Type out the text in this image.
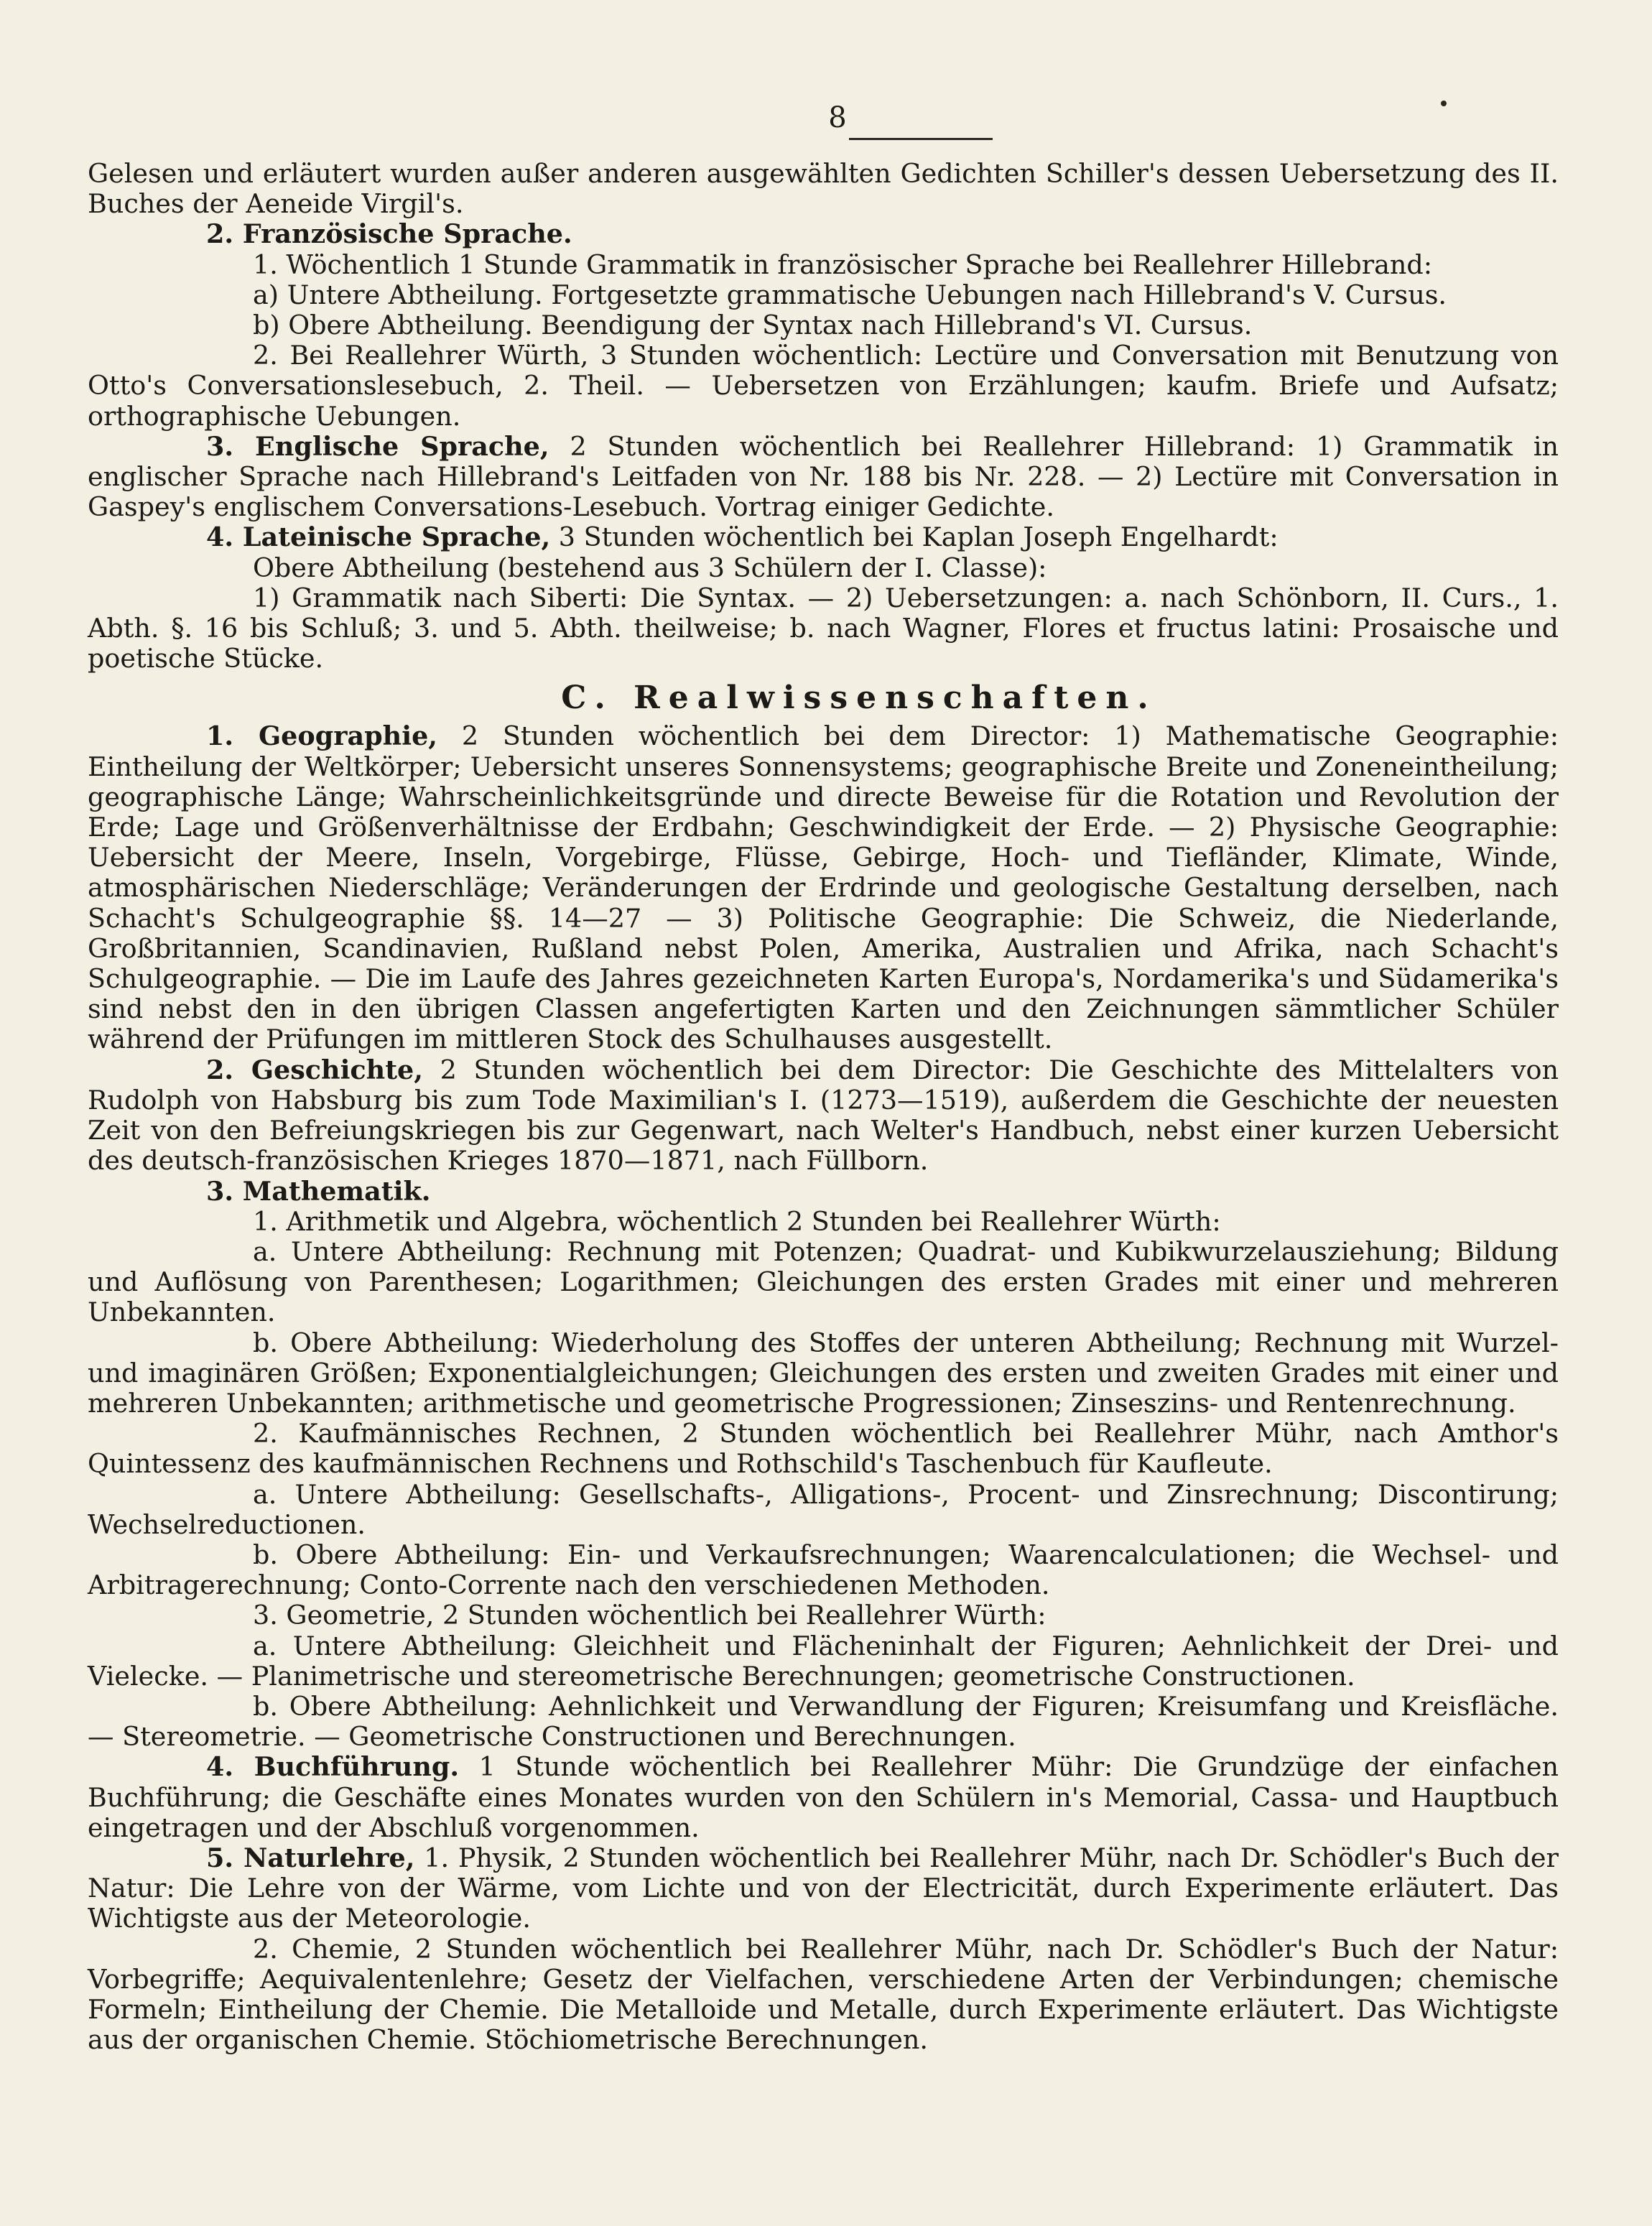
8

Gelesen und erläutert wurden außer anderen ausgewählten Gedichten Schiller's dessen Uebersetzung des II. Buches der Aeneide Virgil's.

2. Französische Sprache.

1. Wöchentlich 1 Stunde Grammatik in französischer Sprache bei Reallehrer Hillebrand:

a) Untere Abtheilung. Fortgesetzte grammatische Uebungen nach Hillebrand's V. Cursus.

b) Obere Abtheilung. Beendigung der Syntax nach Hillebrand's VI. Cursus.

2. Bei Reallehrer Würth, 3 Stunden wöchentlich: Lectüre und Conversation mit Benutzung von Otto's Conversationslesebuch, 2. Theil. — Uebersetzen von Erzählungen; kaufm. Briefe und Aufsatz; orthographische Uebungen.

3. Englische Sprache, 2 Stunden wöchentlich bei Reallehrer Hillebrand: 1) Grammatik in englischer Sprache nach Hillebrand's Leitfaden von Nr. 188 bis Nr. 228. — 2) Lectüre mit Conversation in Gaspey's englischem Conversations-Lesebuch. Vortrag einiger Gedichte.

4. Lateinische Sprache, 3 Stunden wöchentlich bei Kaplan Joseph Engelhardt:

Obere Abtheilung (bestehend aus 3 Schülern der I. Classe):

1) Grammatik nach Siberti: Die Syntax. — 2) Uebersetzungen: a. nach Schönborn, II. Curs., 1. Abth. §. 16 bis Schluß; 3. und 5. Abth. theilweise; b. nach Wagner, Flores et fructus latini: Prosaische und poetische Stücke.

C. Realwissenschaften.

1. Geographie, 2 Stunden wöchentlich bei dem Director: 1) Mathematische Geographie: Eintheilung der Weltkörper; Uebersicht unseres Sonnensystems; geographische Breite und Zoneneintheilung; geographische Länge; Wahrscheinlichkeitsgründe und directe Beweise für die Rotation und Revolution der Erde; Lage und Größenverhältnisse der Erdbahn; Geschwindigkeit der Erde. — 2) Physische Geographie: Uebersicht der Meere, Inseln, Vorgebirge, Flüsse, Gebirge, Hoch- und Tiefländer, Klimate, Winde, atmosphärischen Niederschläge; Veränderungen der Erdrinde und geologische Gestaltung derselben, nach Schacht's Schulgeographie §§. 14—27 — 3) Politische Geographie: Die Schweiz, die Niederlande, Großbritannien, Scandinavien, Rußland nebst Polen, Amerika, Australien und Afrika, nach Schacht's Schulgeographie. — Die im Laufe des Jahres gezeichneten Karten Europa's, Nordamerika's und Südamerika's sind nebst den in den übrigen Classen angefertigten Karten und den Zeichnungen sämmtlicher Schüler während der Prüfungen im mittleren Stock des Schulhauses ausgestellt.

2. Geschichte, 2 Stunden wöchentlich bei dem Director: Die Geschichte des Mittelalters von Rudolph von Habsburg bis zum Tode Maximilian's I. (1273—1519), außerdem die Geschichte der neuesten Zeit von den Befreiungskriegen bis zur Gegenwart, nach Welter's Handbuch, nebst einer kurzen Uebersicht des deutsch-französischen Krieges 1870—1871, nach Füllborn.

3. Mathematik.

1. Arithmetik und Algebra, wöchentlich 2 Stunden bei Reallehrer Würth:

a. Untere Abtheilung: Rechnung mit Potenzen; Quadrat- und Kubikwurzelausziehung; Bildung und Auflösung von Parenthesen; Logarithmen; Gleichungen des ersten Grades mit einer und mehreren Unbekannten.

b. Obere Abtheilung: Wiederholung des Stoffes der unteren Abtheilung; Rechnung mit Wurzel- und imaginären Größen; Exponentialgleichungen; Gleichungen des ersten und zweiten Grades mit einer und mehreren Unbekannten; arithmetische und geometrische Progressionen; Zinseszins- und Rentenrechnung.

2. Kaufmännisches Rechnen, 2 Stunden wöchentlich bei Reallehrer Mühr, nach Amthor's Quintessenz des kaufmännischen Rechnens und Rothschild's Taschenbuch für Kaufleute.

a. Untere Abtheilung: Gesellschafts-, Alligations-, Procent- und Zinsrechnung; Discontirung; Wechselreductionen.

b. Obere Abtheilung: Ein- und Verkaufsrechnungen; Waarencalculationen; die Wechsel- und Arbitragerechnung; Conto-Corrente nach den verschiedenen Methoden.

3. Geometrie, 2 Stunden wöchentlich bei Reallehrer Würth:

a. Untere Abtheilung: Gleichheit und Flächeninhalt der Figuren; Aehnlichkeit der Drei- und Vielecke. — Planimetrische und stereometrische Berechnungen; geometrische Constructionen.

b. Obere Abtheilung: Aehnlichkeit und Verwandlung der Figuren; Kreisumfang und Kreisfläche. — Stereometrie. — Geometrische Constructionen und Berechnungen.

4. Buchführung. 1 Stunde wöchentlich bei Reallehrer Mühr: Die Grundzüge der einfachen Buchführung; die Geschäfte eines Monates wurden von den Schülern in's Memorial, Cassa- und Hauptbuch eingetragen und der Abschluß vorgenommen.

5. Naturlehre, 1. Physik, 2 Stunden wöchentlich bei Reallehrer Mühr, nach Dr. Schödler's Buch der Natur: Die Lehre von der Wärme, vom Lichte und von der Electricität, durch Experimente erläutert. Das Wichtigste aus der Meteorologie.

2. Chemie, 2 Stunden wöchentlich bei Reallehrer Mühr, nach Dr. Schödler's Buch der Natur: Vorbegriffe; Aequivalentenlehre; Gesetz der Vielfachen, verschiedene Arten der Verbindungen; chemische Formeln; Eintheilung der Chemie. Die Metalloide und Metalle, durch Experimente erläutert. Das Wichtigste aus der organischen Chemie. Stöchiometrische Berechnungen.
